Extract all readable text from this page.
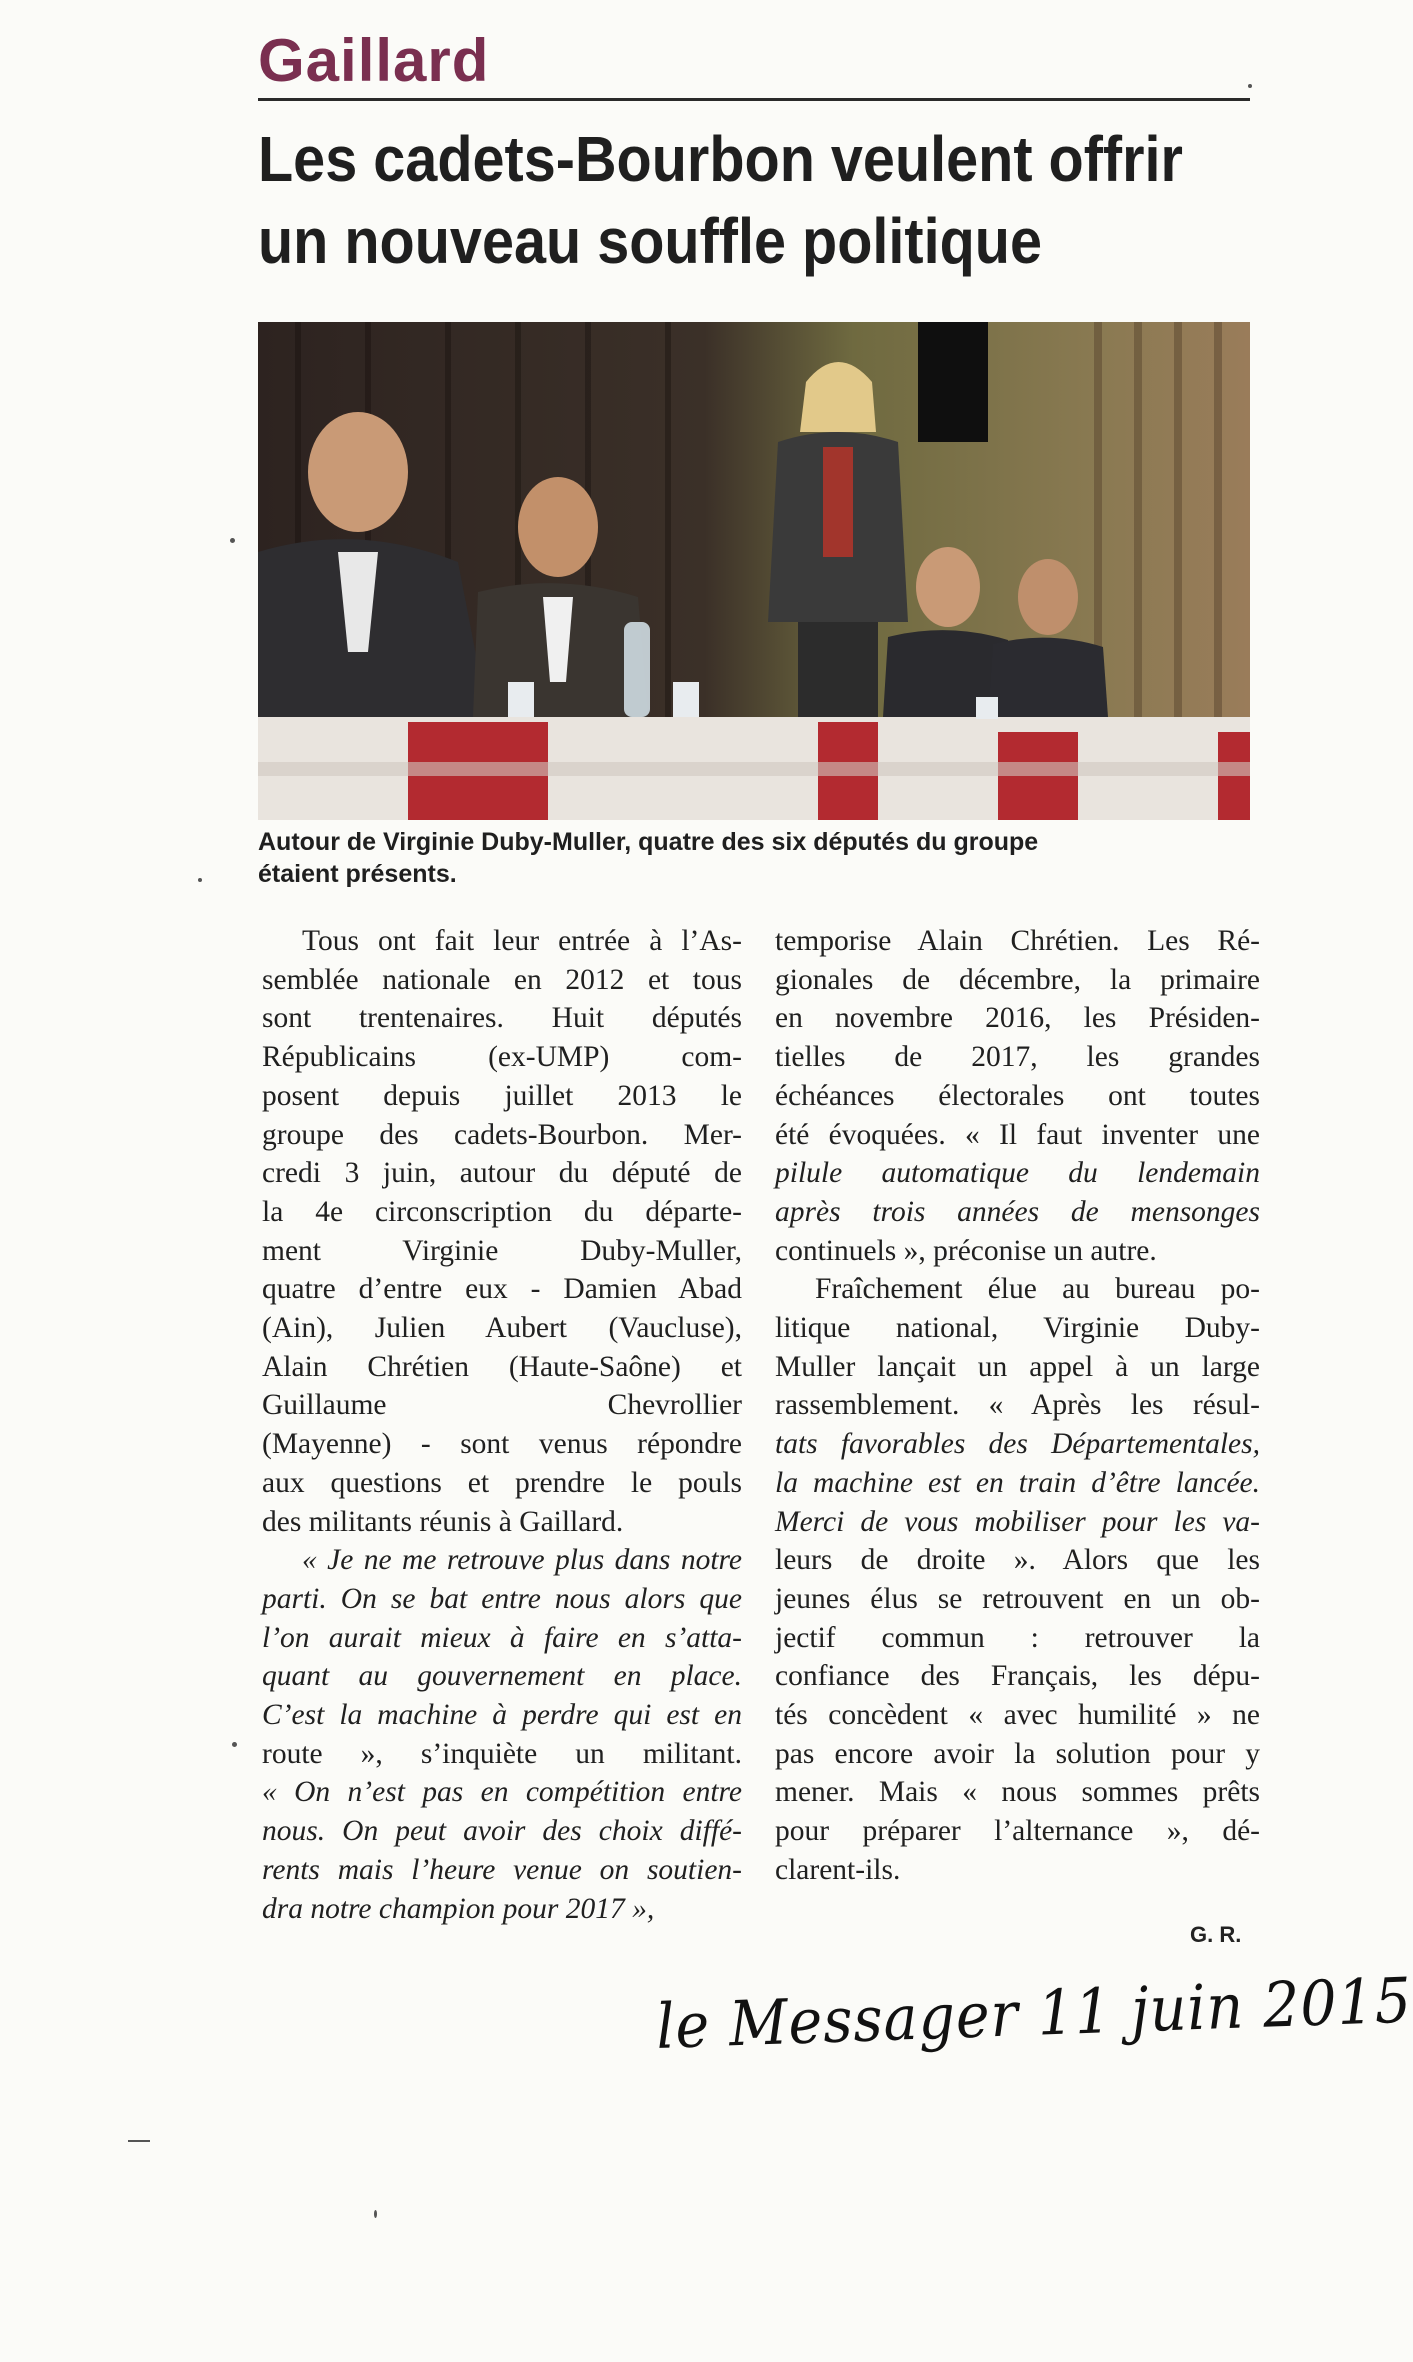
Gaillard
Les cadets-Bourbon veulent offrir
un nouveau souffle politique
Autour de Virginie Duby-Muller, quatre des six députés du groupe
étaient présents.

Tous ont fait leur entrée à l’As-

semblée nationale en 2012 et tous

sont trentenaires. Huit députés

Républicains (ex-UMP) com-

posent depuis juillet 2013 le

groupe des cadets-Bourbon. Mer-

credi 3 juin, autour du député de

la 4e circonscription du départe-

ment Virginie Duby-Muller,

quatre d’entre eux - Damien Abad

(Ain), Julien Aubert (Vaucluse),

Alain Chrétien (Haute-Saône) et

Guillaume Chevrollier

(Mayenne) - sont venus répondre

aux questions et prendre le pouls

des militants réunis à Gaillard.

« Je ne me retrouve plus dans notre

parti. On se bat entre nous alors que

l’on aurait mieux à faire en s’atta-

quant au gouvernement en place.

C’est la machine à perdre qui est en

route », s’inquiète un militant.

« On n’est pas en compétition entre

nous. On peut avoir des choix diffé-

rents mais l’heure venue on soutien-

dra notre champion pour 2017 »,

temporise Alain Chrétien. Les Ré-

gionales de décembre, la primaire

en novembre 2016, les Présiden-

tielles de 2017, les grandes

échéances électorales ont toutes

été évoquées. « Il faut inventer une

pilule automatique du lendemain

après trois années de mensonges

continuels », préconise un autre.

Fraîchement élue au bureau po-

litique national, Virginie Duby-

Muller lançait un appel à un large

rassemblement. « Après les résul-

tats favorables des Départementales,

la machine est en train d’être lancée.

Merci de vous mobiliser pour les va-

leurs de droite ». Alors que les

jeunes élus se retrouvent en un ob-

jectif commun : retrouver la

confiance des Français, les dépu-

tés concèdent « avec humilité » ne

pas encore avoir la solution pour y

mener. Mais « nous sommes prêts

pour préparer l’alternance », dé-

clarent-ils.

G. R.
le Messager 11 juin 2015
